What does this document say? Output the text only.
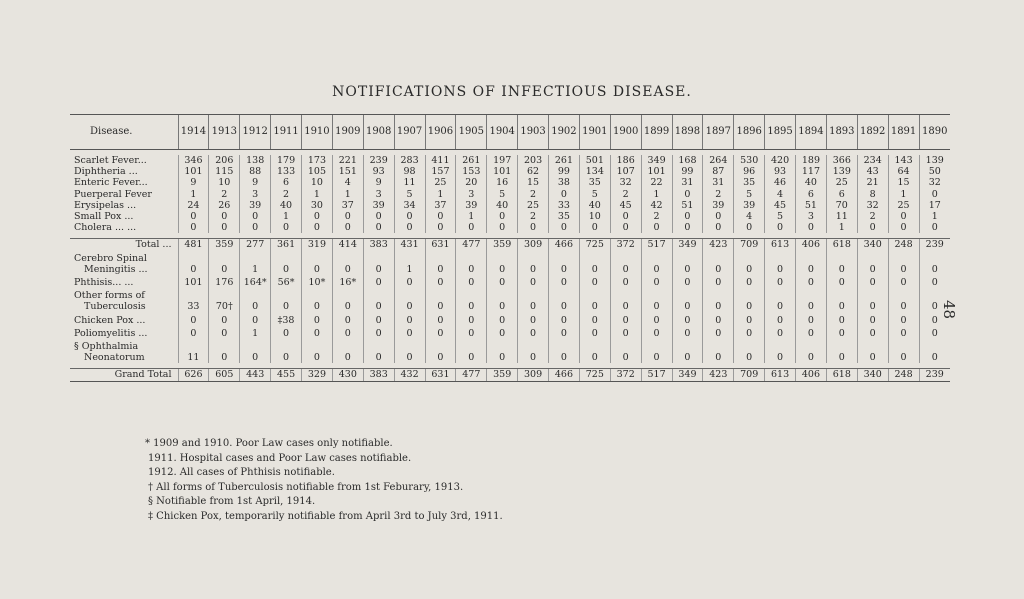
NOTIFICATIONS OF INFECTIOUS DISEASE.
Disease.	1914	1913	1912	1911	1910	1909	1908	1907	1906	1905	1904	1903	1902	1901	1900	1899	1898	1897	1896	1895	1894	1893	1892	1891	1890

Scarlet Fever...	346	206	138	179	173	221	239	283	411	261	197	203	261	501	186	349	168	264	530	420	189	366	234	143	139

Diphtheria ...	101	115	88	133	105	151	93	98	157	153	101	62	99	134	107	101	99	87	96	93	117	139	43	64	50

Enteric Fever...	9	10	9	6	10	4	9	11	25	20	16	15	38	35	32	22	31	31	35	46	40	25	21	15	32

Puerperal Fever	1	2	3	2	1	1	3	5	1	3	5	2	0	5	2	1	0	2	5	4	6	6	8	1	0

Erysipelas ...	24	26	39	40	30	37	39	34	37	39	40	25	33	40	45	42	51	39	39	45	51	70	32	25	17

Small Pox ...	0	0	0	1	0	0	0	0	0	1	0	2	35	10	0	2	0	0	4	5	3	11	2	0	1

Cholera ... ...	0	0	0	0	0	0	0	0	0	0	0	0	0	0	0	0	0	0	0	0	0	1	0	0	0

Total ...	481	359	277	361	319	414	383	431	631	477	359	309	466	725	372	517	349	423	709	613	406	618	340	248	239

Cerebro Spinal
Meningitis ...	0	0	1	0	0	0	0	1	0	0	0	0	0	0	0	0	0	0	0	0	0	0	0	0	0

Phthisis... ...	101	176	164*	56*	10*	16*	0	0	0	0	0	0	0	0	0	0	0	0	0	0	0	0	0	0	0

Other forms of
Tuberculosis	33	70†	0	0	0	0	0	0	0	0	0	0	0	0	0	0	0	0	0	0	0	0	0	0	0

Chicken Pox ...	0	0	0	‡38	0	0	0	0	0	0	0	0	0	0	0	0	0	0	0	0	0	0	0	0	0

Poliomyelitis ...	0	0	1	0	0	0	0	0	0	0	0	0	0	0	0	0	0	0	0	0	0	0	0	0	0

§ Ophthalmia
Neonatorum	11	0	0	0	0	0	0	0	0	0	0	0	0	0	0	0	0	0	0	0	0	0	0	0	0

Grand Total	626	605	443	455	329	430	383	432	631	477	359	309	466	725	372	517	349	423	709	613	406	618	340	248	239
* 1909 and 1910. Poor Law cases only notifiable.
1911. Hospital cases and Poor Law cases notifiable.
1912. All cases of Phthisis notifiable.
† All forms of Tuberculosis notifiable from 1st Feburary, 1913.
§ Notifiable from 1st April, 1914.
‡ Chicken Pox, temporarily notifiable from April 3rd to July 3rd, 1911.
48
